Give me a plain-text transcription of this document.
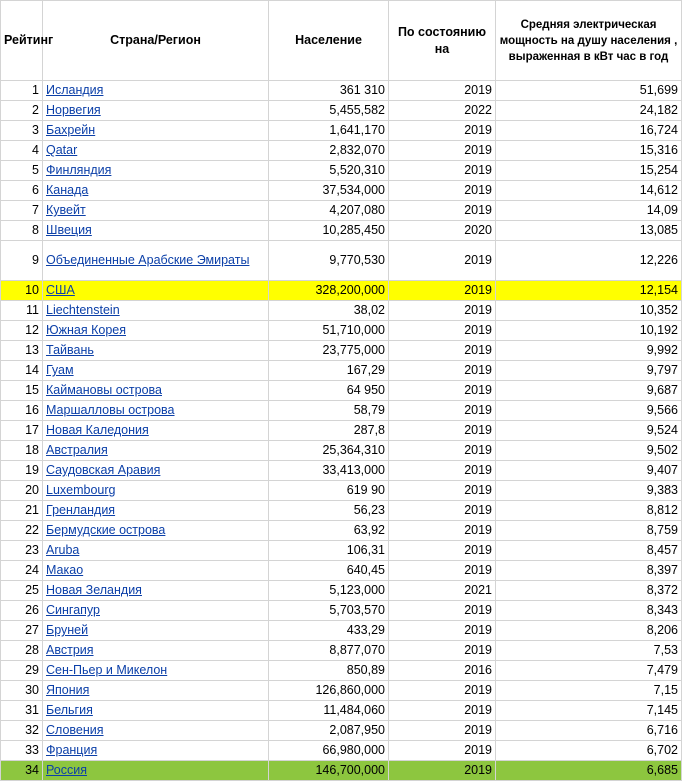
Рейтинг	Страна/Регион	Население	По состоянию на	Средняя электрическая мощность на душу населения , выраженная в кВт час в год
1	Исландия	361 310	2019	51,699
2	Норвегия	5,455,582	2022	24,182
3	Бахрейн	1,641,170	2019	16,724
4	Qatar	2,832,070	2019	15,316
5	Финляндия	5,520,310	2019	15,254
6	Канада	37,534,000	2019	14,612
7	Кувейт	4,207,080	2019	14,09
8	Швеция	10,285,450	2020	13,085
9	Объединенные Арабские Эмираты	9,770,530	2019	12,226
10	США	328,200,000	2019	12,154
11	Liechtenstein	38,02	2019	10,352
12	Южная Корея	51,710,000	2019	10,192
13	Тайвань	23,775,000	2019	9,992
14	Гуам	167,29	2019	9,797
15	Каймановы острова	64 950	2019	9,687
16	Маршалловы острова	58,79	2019	9,566
17	Новая Каледония	287,8	2019	9,524
18	Австралия	25,364,310	2019	9,502
19	Саудовская Аравия	33,413,000	2019	9,407
20	Luxembourg	619 90	2019	9,383
21	Гренландия	56,23	2019	8,812
22	Бермудские острова	63,92	2019	8,759
23	Aruba	106,31	2019	8,457
24	Макао	640,45	2019	8,397
25	Новая Зеландия	5,123,000	2021	8,372
26	Сингапур	5,703,570	2019	8,343
27	Бруней	433,29	2019	8,206
28	Австрия	8,877,070	2019	7,53
29	Сен-Пьер и Микелон	850,89	2016	7,479
30	Япония	126,860,000	2019	7,15
31	Бельгия	11,484,060	2019	7,145
32	Словения	2,087,950	2019	6,716
33	Франция	66,980,000	2019	6,702
34	Россия	146,700,000	2019	6,685
